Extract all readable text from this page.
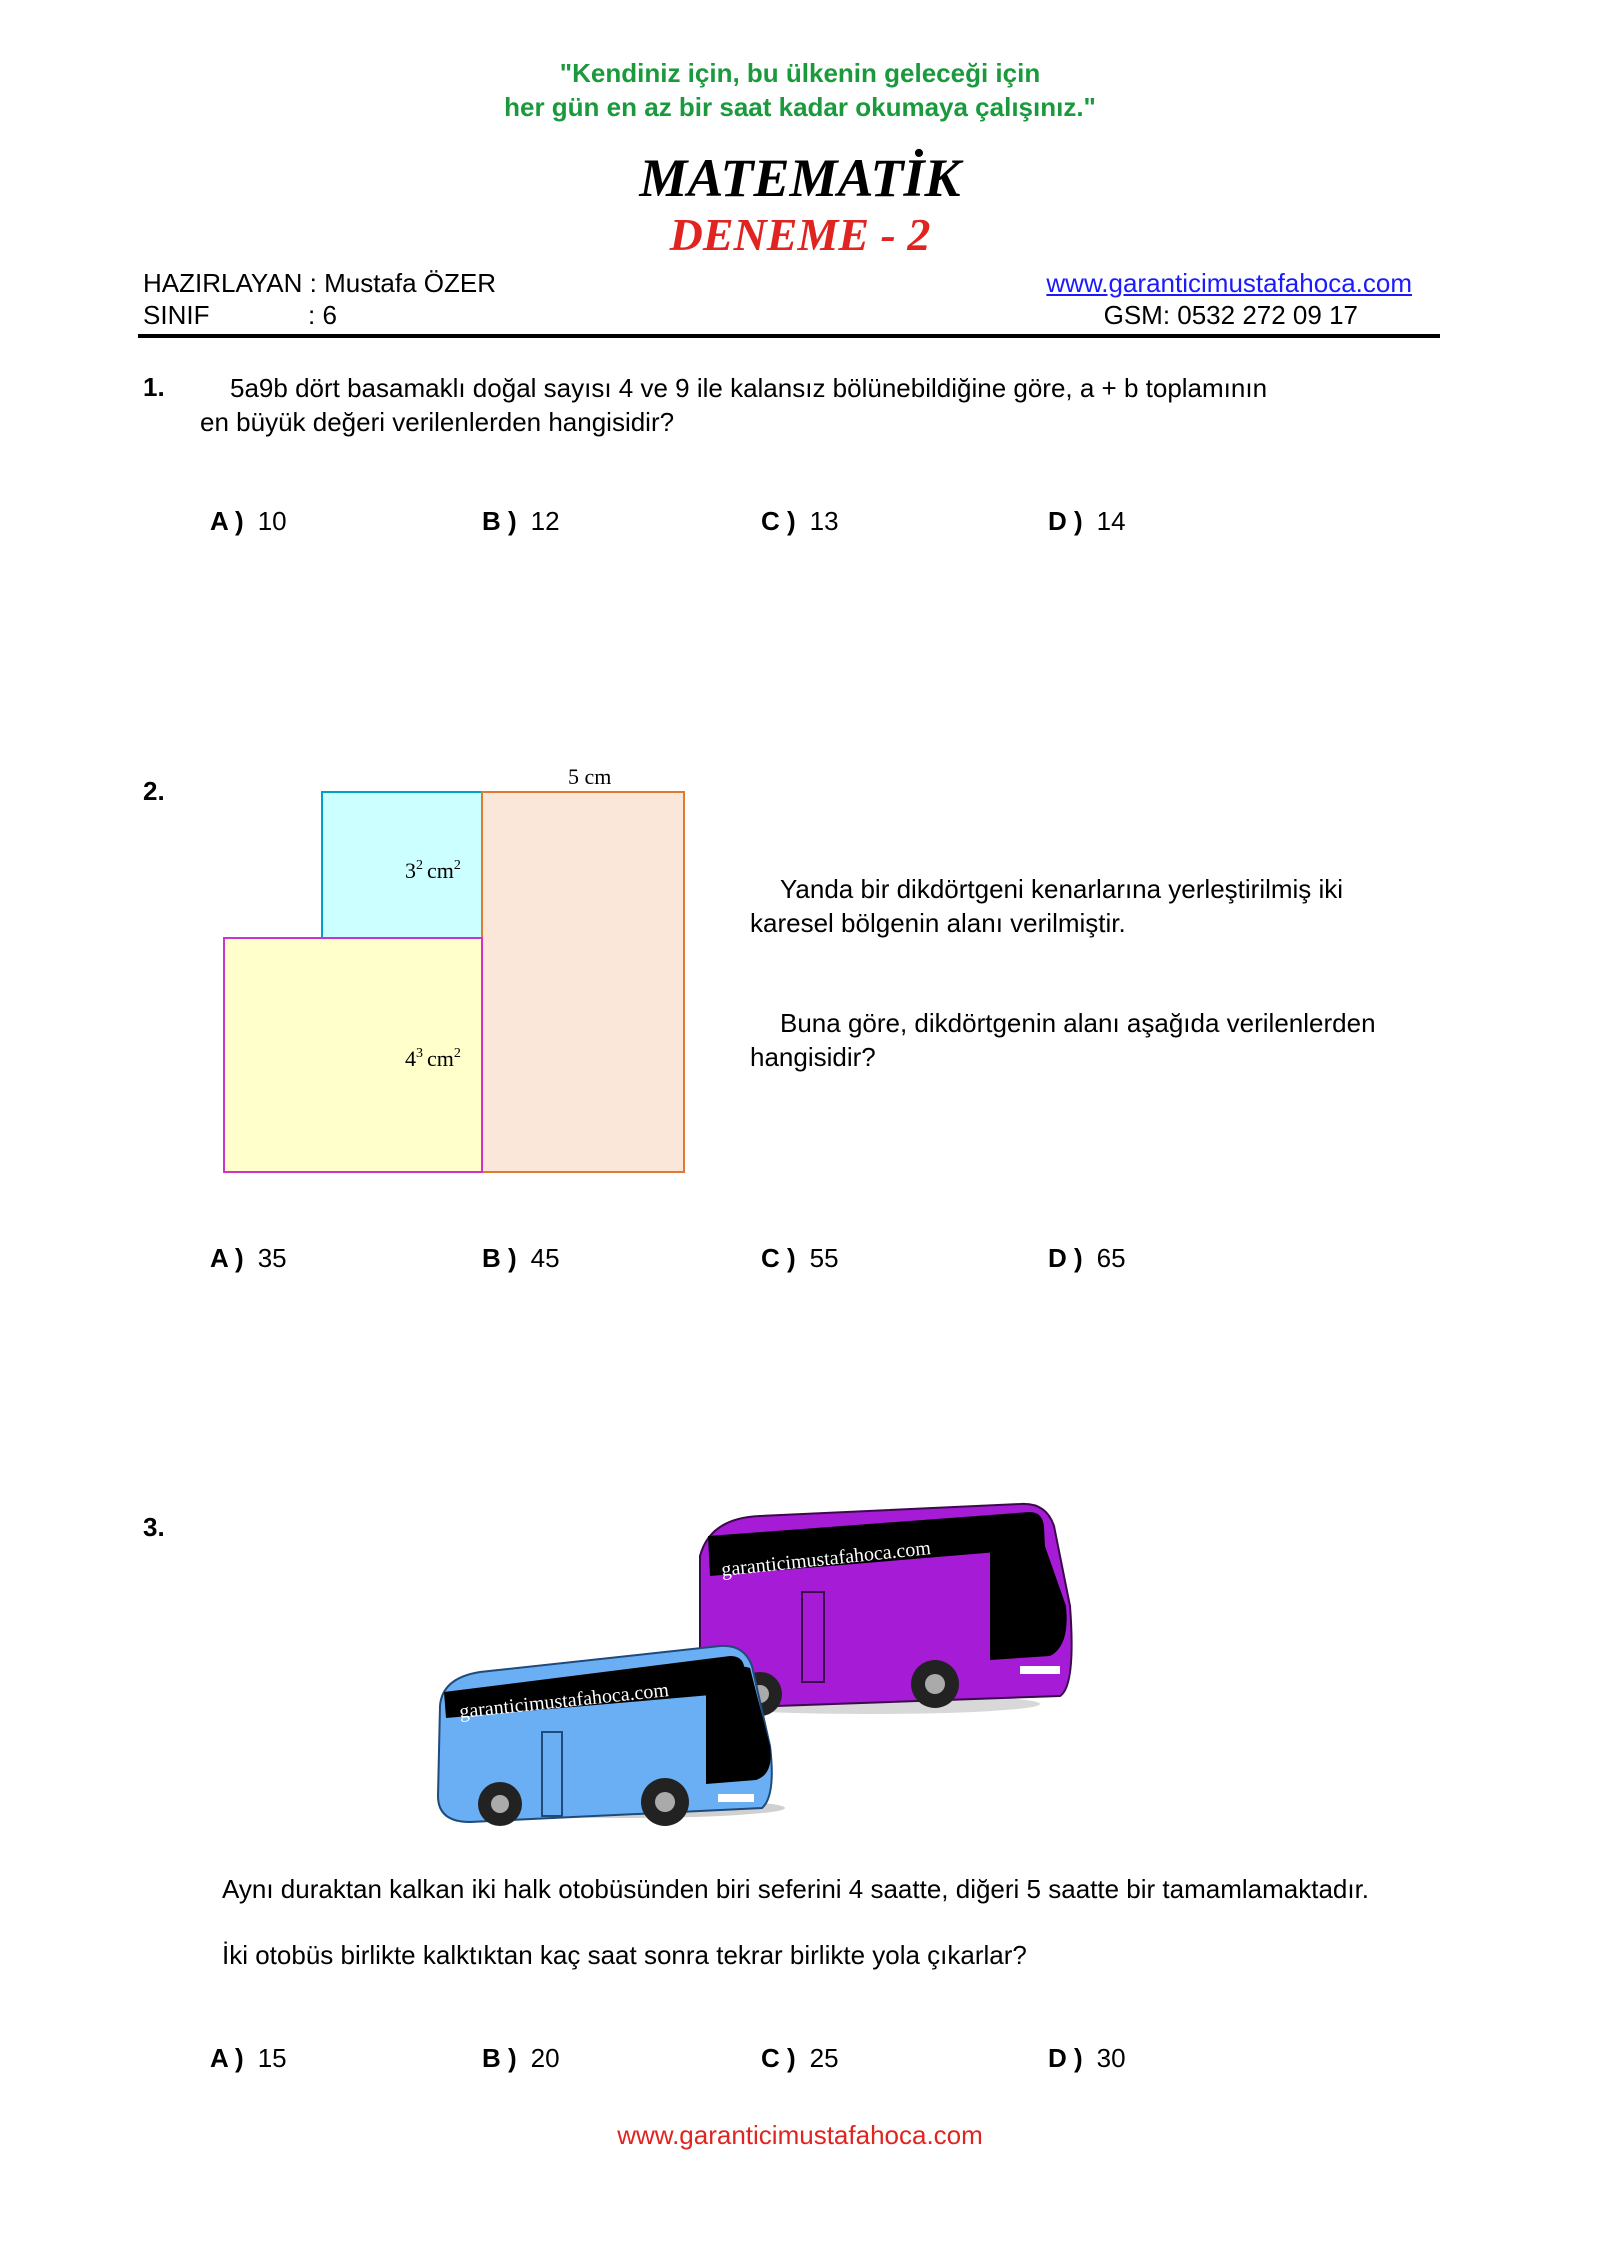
"Kendiniz için, bu ülkenin geleceği için
her gün en az bir saat kadar okumaya çalışınız."
MATEMATİK
DENEME - 2
HAZIRLAYAN : Mustafa ÖZER
SINIF	: 6
www.garanticimustafahoca.com
GSM: 0532 272 09 17
1.	5a9b dört basamaklı doğal sayısı 4 ve 9 ile kalansız bölünebildiğine göre, a + b toplamının
en büyük değeri verilenlerden hangisidir?
A ) 10	B ) 12	C ) 13	D ) 14
2.	5 cm
$3^2$ $cm^2$
$4^3$ $cm^2$
Yanda bir dikdörtgeni kenarlarına yerleştirilmiş iki
karesel bölgenin alanı verilmiştir.
Buna göre, dikdörtgenin alanı aşağıda verilenlerden
hangisidir?
A ) 35	B ) 45	C ) 55	D ) 65
3.
garanticimustafahoca.com
garanticimustafahoca.com
Aynı duraktan kalkan iki halk otobüsünden biri seferini 4 saatte, diğeri 5 saatte bir tamamlamaktadır.
İki otobüs birlikte kalktıktan kaç saat sonra tekrar birlikte yola çıkarlar?
A ) 15	B ) 20	C ) 25	D ) 30
www.garanticimustafahoca.com
